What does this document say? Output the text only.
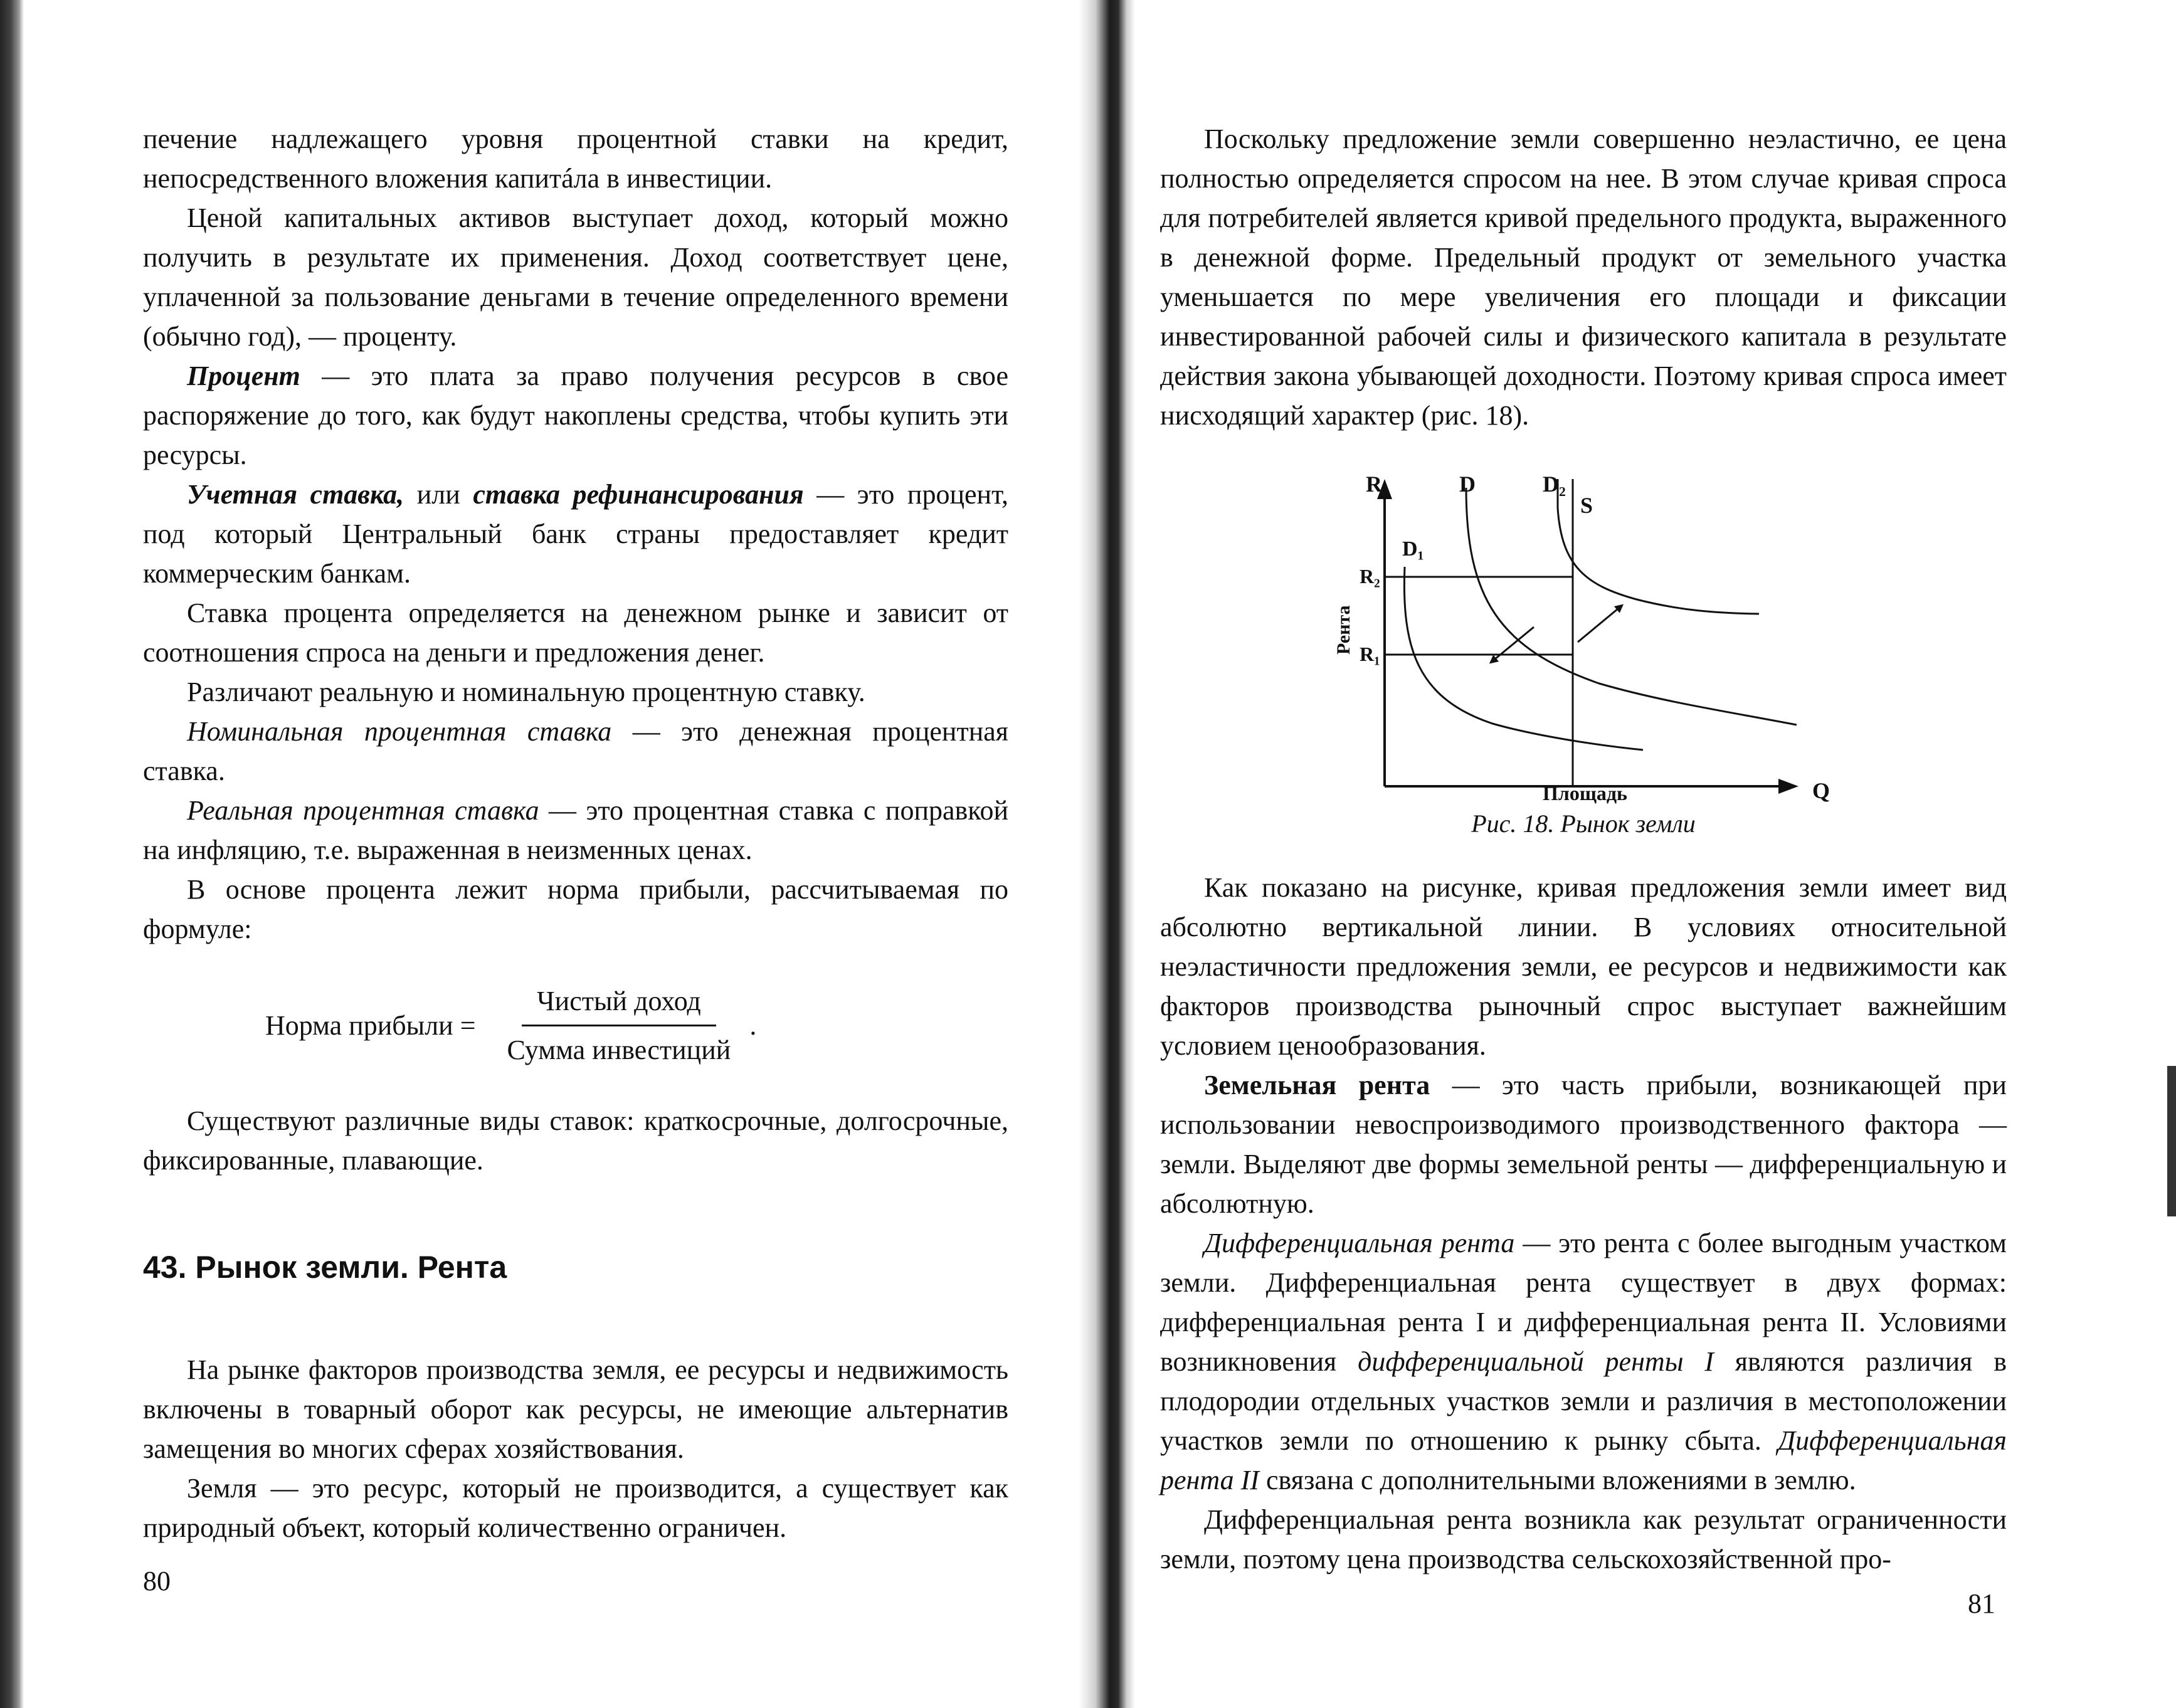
печение надлежащего уровня процентной ставки на кредит, непосредственного вложения капитáла в инвестиции.

Ценой капитальных активов выступает доход, который можно получить в результате их применения. Доход соответствует цене, уплаченной за пользование деньгами в течение определенного времени (обычно год), — проценту.

Процент — это плата за право получения ресурсов в свое распоряжение до того, как будут накоплены средства, чтобы купить эти ресурсы.

Учетная ставка, или ставка рефинансирования — это процент, под который Центральный банк страны предоставляет кредит коммерческим банкам.

Ставка процента определяется на денежном рынке и зависит от соотношения спроса на деньги и предложения денег.

Различают реальную и номинальную процентную ставку.

Номинальная процентная ставка — это денежная процентная ставка.

Реальная процентная ставка — это процентная ставка с поправкой на инфляцию, т.е. выраженная в неизменных ценах.

В основе процента лежит норма прибыли, рассчитываемая по формуле:

Норма прибыли = $\frac{\text{Чистый доход}}{\text{Сумма инвестиций}}$ .

Существуют различные виды ставок: краткосрочные, долгосрочные, фиксированные, плавающие.

43. Рынок земли. Рента

На рынке факторов производства земля, ее ресурсы и недвижимость включены в товарный оборот как ресурсы, не имеющие альтернатив замещения во многих сферах хозяйствования.

Земля — это ресурс, который не производится, а существует как природный объект, который количественно ограничен.

80

Поскольку предложение земли совершенно неэластично, ее цена полностью определяется спросом на нее. В этом случае кривая спроса для потребителей является кривой предельного продукта, выраженного в денежной форме. Предельный продукт от земельного участка уменьшается по мере увеличения его площади и фиксации инвестированной рабочей силы и физического капитала в результате действия закона убывающей доходности. Поэтому кривая спроса имеет нисходящий характер (рис. 18).

R	D	D₂
S
D₁
R₂
R₁
Рента
Площадь	Q
Рис. 18. Рынок земли

Как показано на рисунке, кривая предложения земли имеет вид абсолютно вертикальной линии. В условиях относительной неэластичности предложения земли, ее ресурсов и недвижимости как факторов производства рыночный спрос выступает важнейшим условием ценообразования.

Земельная рента — это часть прибыли, возникающей при использовании невоспроизводимого производственного фактора — земли. Выделяют две формы земельной ренты — дифференциальную и абсолютную.

Дифференциальная рента — это рента с более выгодным участком земли. Дифференциальная рента существует в двух формах: дифференциальная рента I и дифференциальная рента II. Условиями возникновения дифференциальной ренты I являются различия в плодородии отдельных участков земли и различия в местоположении участков земли по отношению к рынку сбыта. Дифференциальная рента II связана с дополнительными вложениями в землю.

Дифференциальная рента возникла как результат ограниченности земли, поэтому цена производства сельскохозяйственной про-

81
